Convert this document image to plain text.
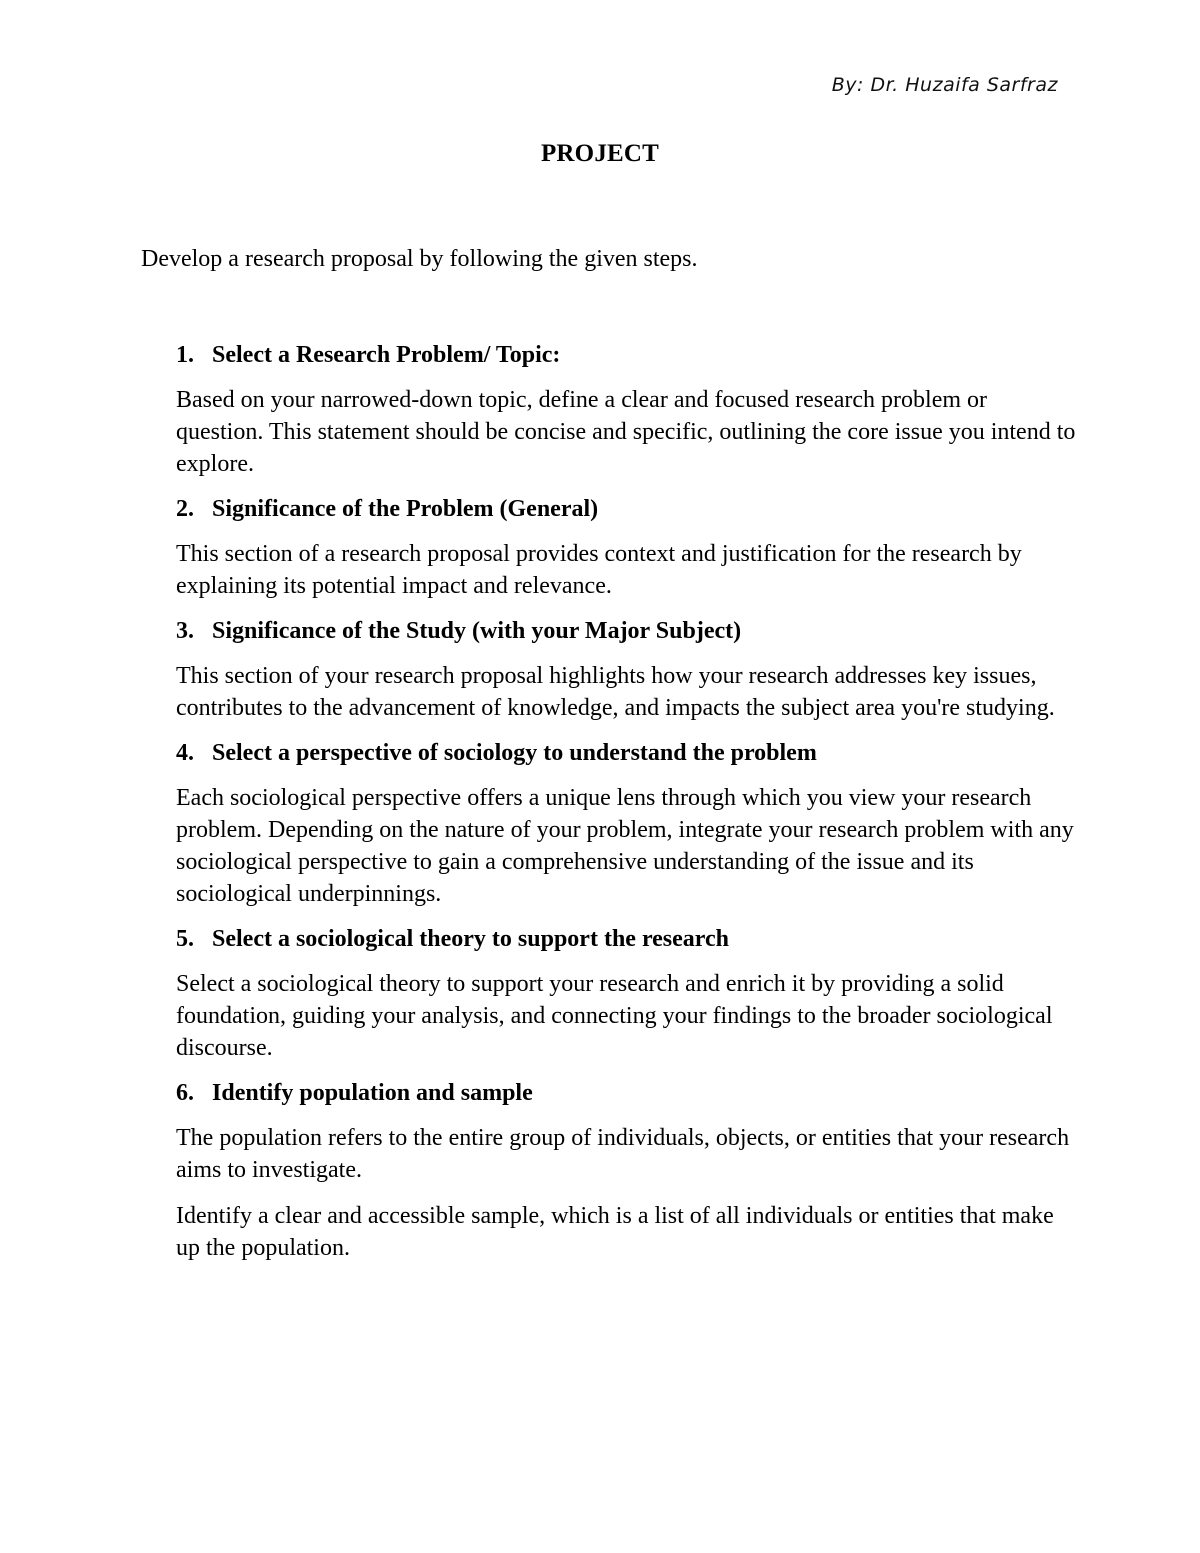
By: Dr. Huzaifa Sarfraz
PROJECT
Develop a research proposal by following the given steps.
1. Select a Research Problem/ Topic:

Based on your narrowed-down topic, define a clear and focused research problem or question. This statement should be concise and specific, outlining the core issue you intend to explore.

2. Significance of the Problem (General)

This section of a research proposal provides context and justification for the research by explaining its potential impact and relevance.

3. Significance of the Study (with your Major Subject)

This section of your research proposal highlights how your research addresses key issues, contributes to the advancement of knowledge, and impacts the subject area you're studying.

4. Select a perspective of sociology to understand the problem

Each sociological perspective offers a unique lens through which you view your research problem. Depending on the nature of your problem, integrate your research problem with any sociological perspective to gain a comprehensive understanding of the issue and its sociological underpinnings.

5. Select a sociological theory to support the research

Select a sociological theory to support your research and enrich it by providing a solid foundation, guiding your analysis, and connecting your findings to the broader sociological discourse.

6. Identify population and sample

The population refers to the entire group of individuals, objects, or entities that your research aims to investigate.

Identify a clear and accessible sample, which is a list of all individuals or entities that make up the population.
